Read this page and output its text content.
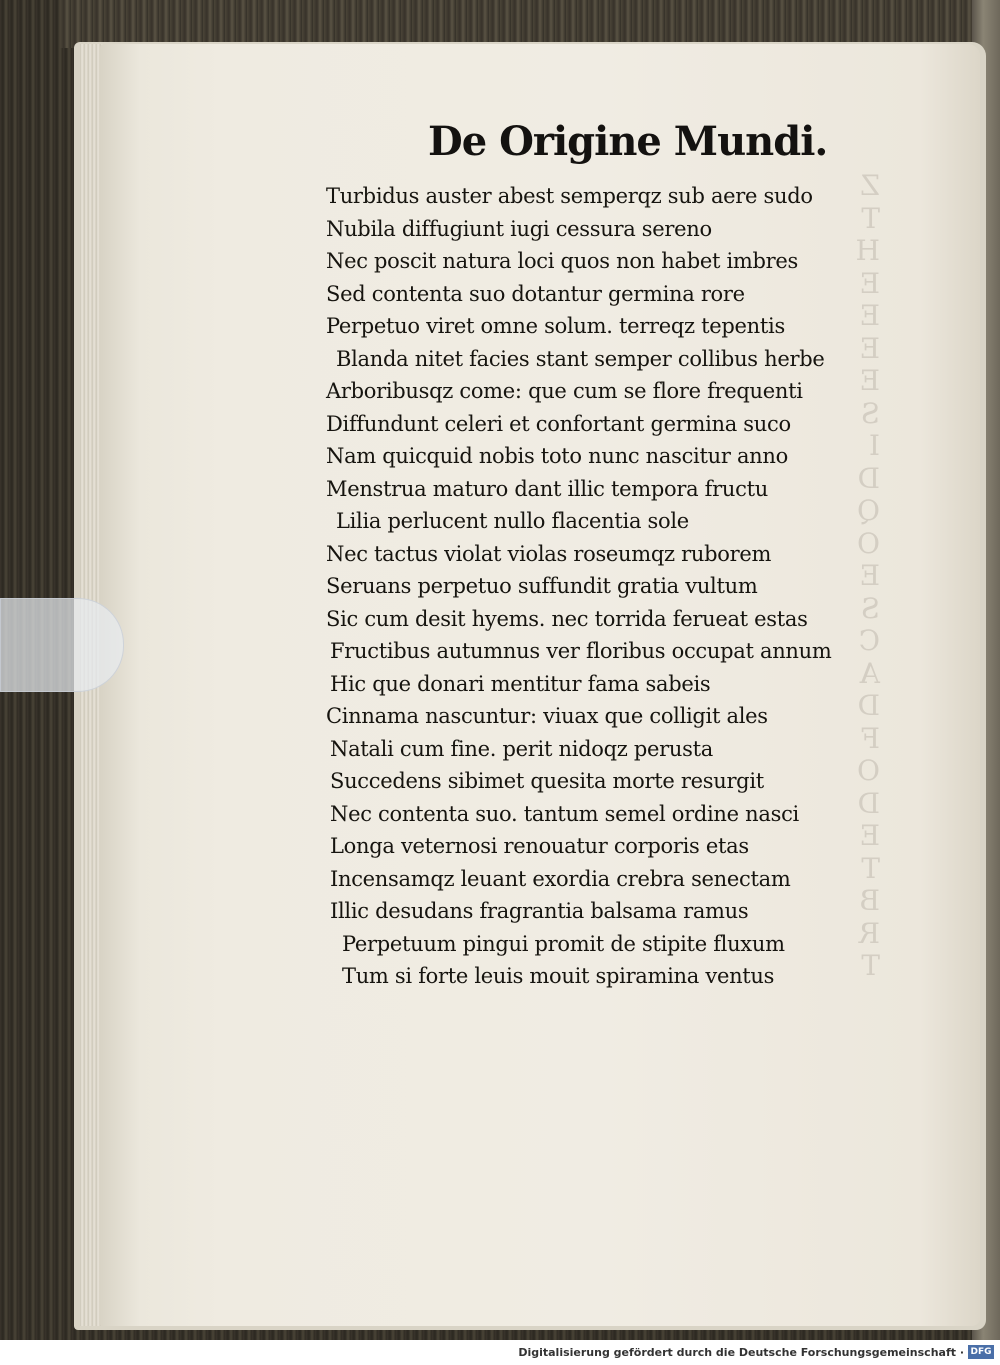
Z
T
H
E
E
E
E
S
I
D
Q
O
E
S
C
A
D
F
O
D
E
T
B
R
T
De Origine Mundi.
Turbidus auster abest semperqz sub aere sudo
Nubila diffugiunt iugi cessura sereno
Nec poscit natura loci quos non habet imbres
Sed contenta suo dotantur germina rore
Perpetuo viret omne solum. terreqz tepentis
Blanda nitet facies stant semper collibus herbe
Arboribusqz come: que cum se flore frequenti
Diffundunt celeri et confortant germina suco
Nam quicquid nobis toto nunc nascitur anno
Menstrua maturo dant illic tempora fructu
Lilia perlucent nullo flacentia sole
Nec tactus violat violas roseumqz ruborem
Seruans perpetuo suffundit gratia vultum
Sic cum desit hyems. nec torrida ferueat estas
Fructibus autumnus ver floribus occupat annum
Hic que donari mentitur fama sabeis
Cinnama nascuntur: viuax que colligit ales
Natali cum fine. perit nidoqz perusta
Succedens sibimet quesita morte resurgit
Nec contenta suo. tantum semel ordine nasci
Longa veternosi renouatur corporis etas
Incensamqz leuant exordia crebra senectam
Illic desudans fragrantia balsama ramus
Perpetuum pingui promit de stipite fluxum
Tum si forte leuis mouit spiramina ventus
Digitalisierung gefördert durch die Deutsche Forschungsgemeinschaft · DFG
